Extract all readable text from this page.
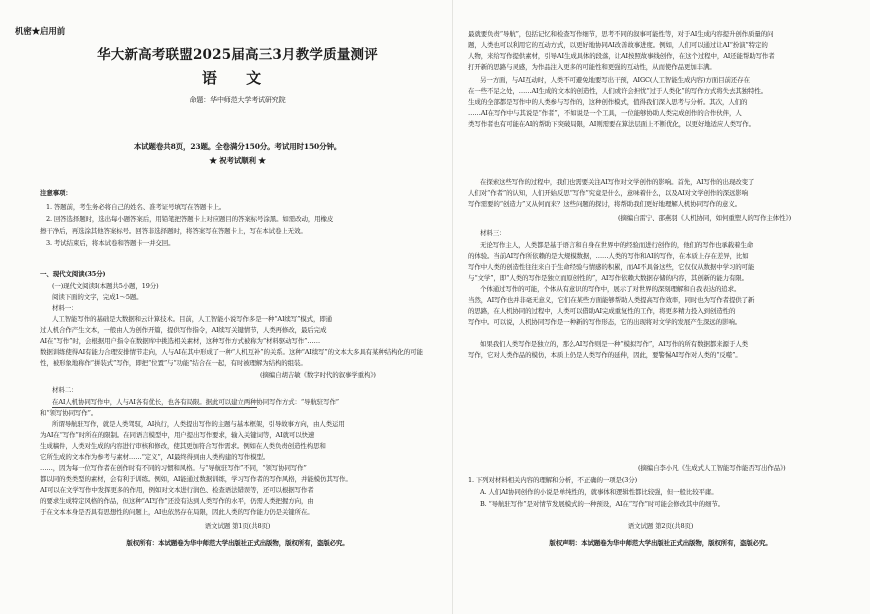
机密★启用前
华大新高考联盟2025届高三3月教学质量测评
语 文
命题：华中师范大学考试研究院
本试题卷共8页，23题。全卷满分150分。考试用时150分钟。
★ 祝考试顺利 ★
注意事项：
1. 答题前，考生务必将自己的姓名、准考证号填写在答题卡上。
2. 回答选择题时，选出每小题答案后，用铅笔把答题卡上对应题目的答案标号涂黑。如需改动，用橡皮
擦干净后，再选涂其他答案标号。回答非选择题时，将答案写在答题卡上，写在本试卷上无效。
3. 考试结束后，将本试卷和答题卡一并交回。
一、现代文阅读(35分)
(一)现代文阅读Ⅰ(本题共5小题，19分)
阅读下面的文字，完成1～5题。
材料一：
人工智能写作的基础是大数据和云计算技术。目前，人工智能小说写作多是一种“AI续写”模式，即通
过人机合作产生文本，一般由人为创作开篇，提供写作指令，AI续写关键情节，人类再修改，最后完成
AI在“写作”时，会根据用户指令在数据库中挑选相关素材，这种写作方式被称为“材料驱动写作”……
数据训练使得AI有能力合理安排情节走向，人与AI在其中形成了一种“人机互补”的关系。这种“AI续写”的文本大多具有某种结构化的可能
性，被形象地称作“拼装式”写作，即把“位置”与“功能”结合在一起，有时被理解为结构的组装。
(摘编自胡吉敏《数字时代的叙事学重构》)
材料二：
在AI人机协同写作中，人与AI各有优长，也各有局限。据此可以建立两种协同写作方式：“导航驻写作”
和“领写协同写作”。
所谓导航驻写作，就是人类驾驭，AI执行，人类提出写作的主题与基本框架，引导故事方向，由人类运用
为AI在“写作”时所在的限制。在同语言模型中，用户提出写作要求，输入关键词等，AI就可以快速
生成稿件，人类对生成的内容进行审核和修改，使其更加符合写作需求。例如在人类负责创造性构思和
它所生成的文本作为参考与素材……“定义”，AI最终得到由人类构建的写作模型。
……，因为每一位写作者在创作时有不同的习惯和风格。与“导航驻写作”不同，“领写协同写作”
都以同的类类型的素材，会有利于训练。例如，AI能通过数据训练，学习写作者的写作风格，并能模仿其写作。
AI可以在文学写作中发挥更多的作用，例如对文本进行润色、检查语法错误等，还可以根据写作者
的要求生成特定风格的作品，但这种“AI写作”还没有达到人类写作的水平，仍需人类把握方向，由
于在文本本身是否具有思想性的问题上，AI也依然存在局限，因此人类的写作能力仍是关键所在。
语文试题 第1页(共8页)
版权所有：本试题卷为华中师范大学出版社正式出版物，版权所有，盗版必究。
最就要负责“导航”，包括记忆和检查写作细节，思考不同的叙事可能性等，对于AI生成内容提升创作质量的问
题，人类也可以利用它的互动方式，以更好地协同AI改善故事进度。例如，人们可以通过让AI“扮演”特定的
人物，来给写作提供素材，引导AI生成具体的段落，让AI按照故事线创作，在这个过程中，AI还能帮助写作者
打开新的思路与灵感，为作品注入更多的可能性和更强的互动性，从而使作品更加丰满。
另一方面，与AI互动时，人类不可避免地要写出干预，AIGC(人工智能生成内容)方面目前还存在
在一些不足之处，……AI生成的文本的创造性，人们或许会担忧“过于人类化”的写作方式将失去其独特性。
生成的全部都是写作中的人类参与写作的，这种创作模式，值得我们深入思考与分析。其次，人们的
……AI在写作中与其说是“作者”，不如说是一个工具，一位能够协助人类完成创作的合作伙伴，人
类写作者也有可能在AI的帮助下突破局限，AI则需要在算法层面上不断优化，以更好地适应人类写作。
在探索这些写作的过程中，我们也需要关注AI写作对文学创作的影响。首先，AI写作的出现改变了
人们对“作者”的认知，人们开始反思“写作”究竟是什么，意味着什么，以及AI对文学创作的深远影响
写作需要的“创造力”又从何而来？这些问题的探讨，将帮助我们更好地理解人机协同写作的意义。
(摘编自雷宁、邵燕羽《人机协同，如何重塑人的写作主体性》)
材料三：
无论写作主人，人类都是基于语言和自身在世界中的经验而进行创作的，他们的写作也承载着生命
的体验。当前AI写作所依赖的是大规模数据，……人类的写作和AI的写作，在本质上存在差异，比如
写作中人类的创造性往往来自于生命经验与情感的积累，而AI不具备这些，它仅仅从数据中学习的可能
与“文学”，即“人类的写作是独立而原创性的”，AI写作依赖大数据存储的内容，其创新的能力有限。
个体通过写作的可能，个体从有意识的写作中，展示了对世界的深刻理解和自我表达的追求。
当然，AI写作也并非毫无意义，它们在某些方面能够帮助人类提高写作效率，同时也为写作者提供了新
的思路，在人机协同的过程中，人类可以借助AI完成重复性的工作，将更多精力投入到创造性的
写作中。可以说，人机协同写作是一种新的写作形态，它的出现将对文学的发展产生深远的影响。
如果我们人类写作是独立的，那么AI写作则是一种“模拟写作”，AI写作的所有数据都来源于人类
写作，它对人类作品的模仿，本质上仍是人类写作的延伸，因此，要警惕AI写作对人类的“反噬”。
(摘编自李小凡《生成式人工智能写作能否写出作品》)
1. 下列对材料相关内容的理解和分析，不正确的一项是(3分)
A. 人们AI协同创作的小说是单纯性的，就事体和逻辑性都比较强，但一般比较平庸。
B. “导航驻写作”是对情节发展模式的一种预设，AI在“写作”时可能会修改其中的细节。
语文试题 第2页(共8页)
版权声明：本试题卷为华中师范大学出版社正式出版物，版权所有，盗版必究。
